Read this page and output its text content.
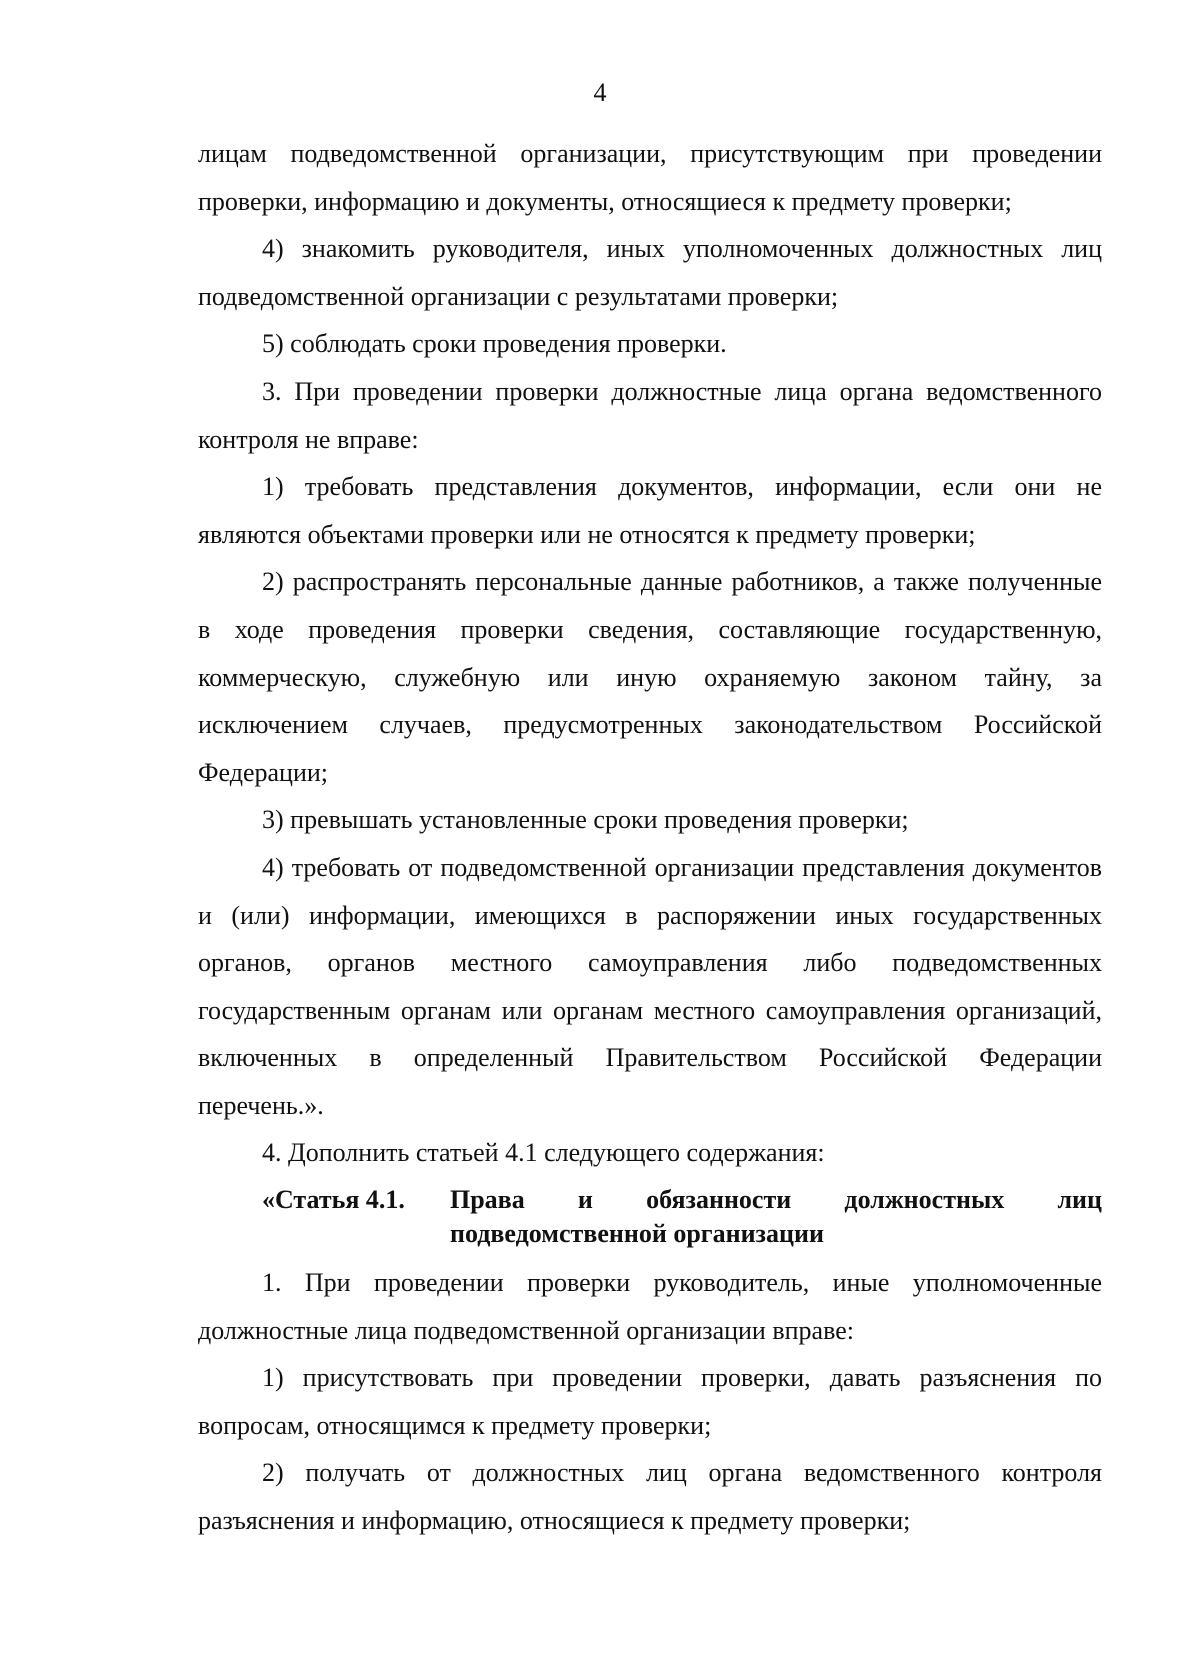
4

лицам подведомственной организации, присутствующим при проведении проверки, информацию и документы, относящиеся к предмету проверки;

4) знакомить руководителя, иных уполномоченных должностных лиц подведомственной организации с результатами проверки;

5) соблюдать сроки проведения проверки.

3. При проведении проверки должностные лица органа ведомственного контроля не вправе:

1) требовать представления документов, информации, если они не являются объектами проверки или не относятся к предмету проверки;

2) распространять персональные данные работников, а также полученные в ходе проведения проверки сведения, составляющие государственную, коммерческую, служебную или иную охраняемую законом тайну, за исключением случаев, предусмотренных законодательством Российской Федерации;

3) превышать установленные сроки проведения проверки;

4) требовать от подведомственной организации представления документов и (или) информации, имеющихся в распоряжении иных государственных органов, органов местного самоуправления либо подведомственных государственным органам или органам местного самоуправления организаций, включенных в определенный Правительством Российской Федерации перечень.».

4. Дополнить статьей 4.1 следующего содержания:

«Статья 4.1.	Права и обязанности должностных лиц
подведомственной организации

1. При проведении проверки руководитель, иные уполномоченные должностные лица подведомственной организации вправе:

1) присутствовать при проведении проверки, давать разъяснения по вопросам, относящимся к предмету проверки;

2) получать от должностных лиц органа ведомственного контроля разъяснения и информацию, относящиеся к предмету проверки;
